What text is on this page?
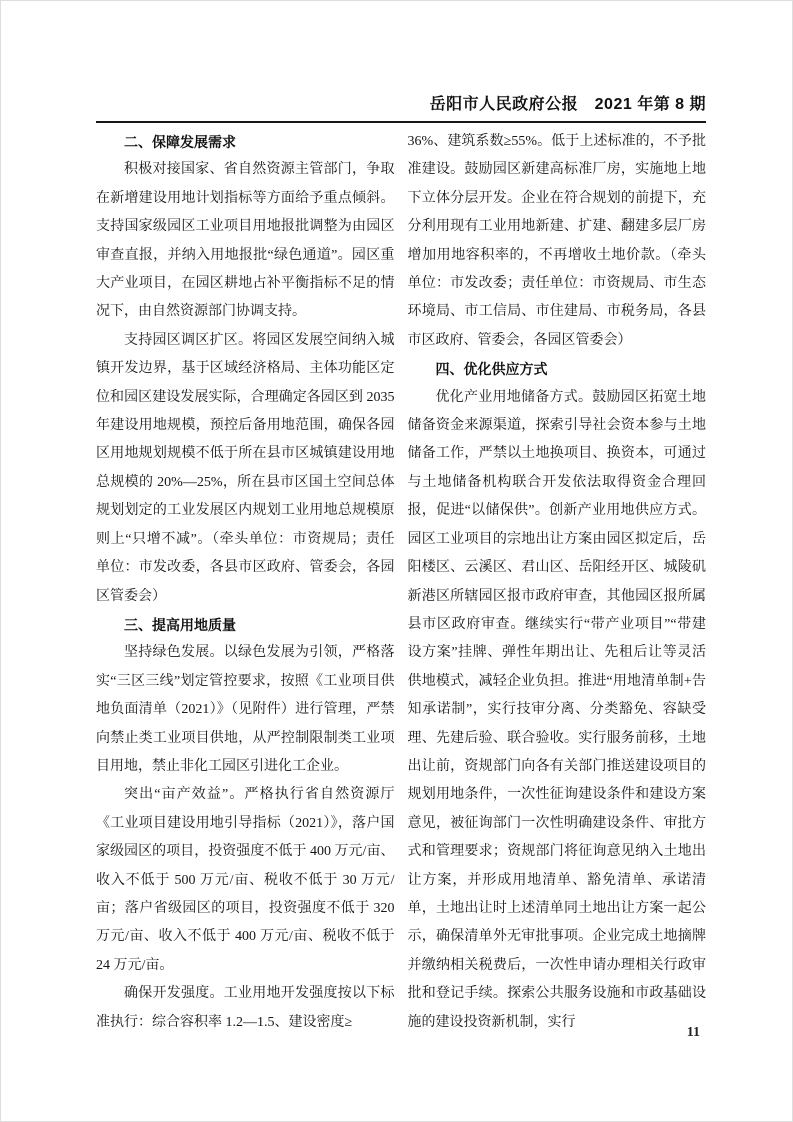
岳阳市人民政府公报　2021 年第 8 期

二、保障发展需求

积极对接国家、省自然资源主管部门，争取在新增建设用地计划指标等方面给予重点倾斜。支持国家级园区工业项目用地报批调整为由园区审查直报，并纳入用地报批“绿色通道”。园区重大产业项目，在园区耕地占补平衡指标不足的情况下，由自然资源部门协调支持。

支持园区调区扩区。将园区发展空间纳入城镇开发边界，基于区域经济格局、主体功能区定位和园区建设发展实际，合理确定各园区到 2035 年建设用地规模，预控后备用地范围，确保各园区用地规划规模不低于所在县市区城镇建设用地总规模的 20%—25%，所在县市区国土空间总体规划划定的工业发展区内规划工业用地总规模原则上“只增不减”。（牵头单位：市资规局；责任单位：市发改委，各县市区政府、管委会，各园区管委会）

三、提高用地质量

坚持绿色发展。以绿色发展为引领，严格落实“三区三线”划定管控要求，按照《工业项目供地负面清单（2021）》（见附件）进行管理，严禁向禁止类工业项目供地，从严控制限制类工业项目用地，禁止非化工园区引进化工企业。

突出“亩产效益”。严格执行省自然资源厅《工业项目建设用地引导指标（2021）》，落户国家级园区的项目，投资强度不低于 400 万元/亩、收入不低于 500 万元/亩、税收不低于 30 万元/亩；落户省级园区的项目，投资强度不低于 320 万元/亩、收入不低于 400 万元/亩、税收不低于 24 万元/亩。

确保开发强度。工业用地开发强度按以下标准执行：综合容积率 1.2—1.5、建设密度≥

36%、建筑系数≥55%。低于上述标准的，不予批准建设。鼓励园区新建高标准厂房，实施地上地下立体分层开发。企业在符合规划的前提下，充分利用现有工业用地新建、扩建、翻建多层厂房增加用地容积率的，不再增收土地价款。（牵头单位：市发改委；责任单位：市资规局、市生态环境局、市工信局、市住建局、市税务局，各县市区政府、管委会，各园区管委会）

四、优化供应方式

优化产业用地储备方式。鼓励园区拓宽土地储备资金来源渠道，探索引导社会资本参与土地储备工作，严禁以土地换项目、换资本，可通过与土地储备机构联合开发依法取得资金合理回报，促进“以储保供”。创新产业用地供应方式。园区工业项目的宗地出让方案由园区拟定后，岳阳楼区、云溪区、君山区、岳阳经开区、城陵矶新港区所辖园区报市政府审查，其他园区报所属县市区政府审查。继续实行“带产业项目”“带建设方案”挂牌、弹性年期出让、先租后让等灵活供地模式，减轻企业负担。推进“用地清单制+告知承诺制”，实行技审分离、分类豁免、容缺受理、先建后验、联合验收。实行服务前移，土地出让前，资规部门向各有关部门推送建设项目的规划用地条件，一次性征询建设条件和建设方案意见，被征询部门一次性明确建设条件、审批方式和管理要求；资规部门将征询意见纳入土地出让方案，并形成用地清单、豁免清单、承诺清单，土地出让时上述清单同土地出让方案一起公示，确保清单外无审批事项。企业完成土地摘牌并缴纳相关税费后，一次性申请办理相关行政审批和登记手续。探索公共服务设施和市政基础设施的建设投资新机制，实行

11
